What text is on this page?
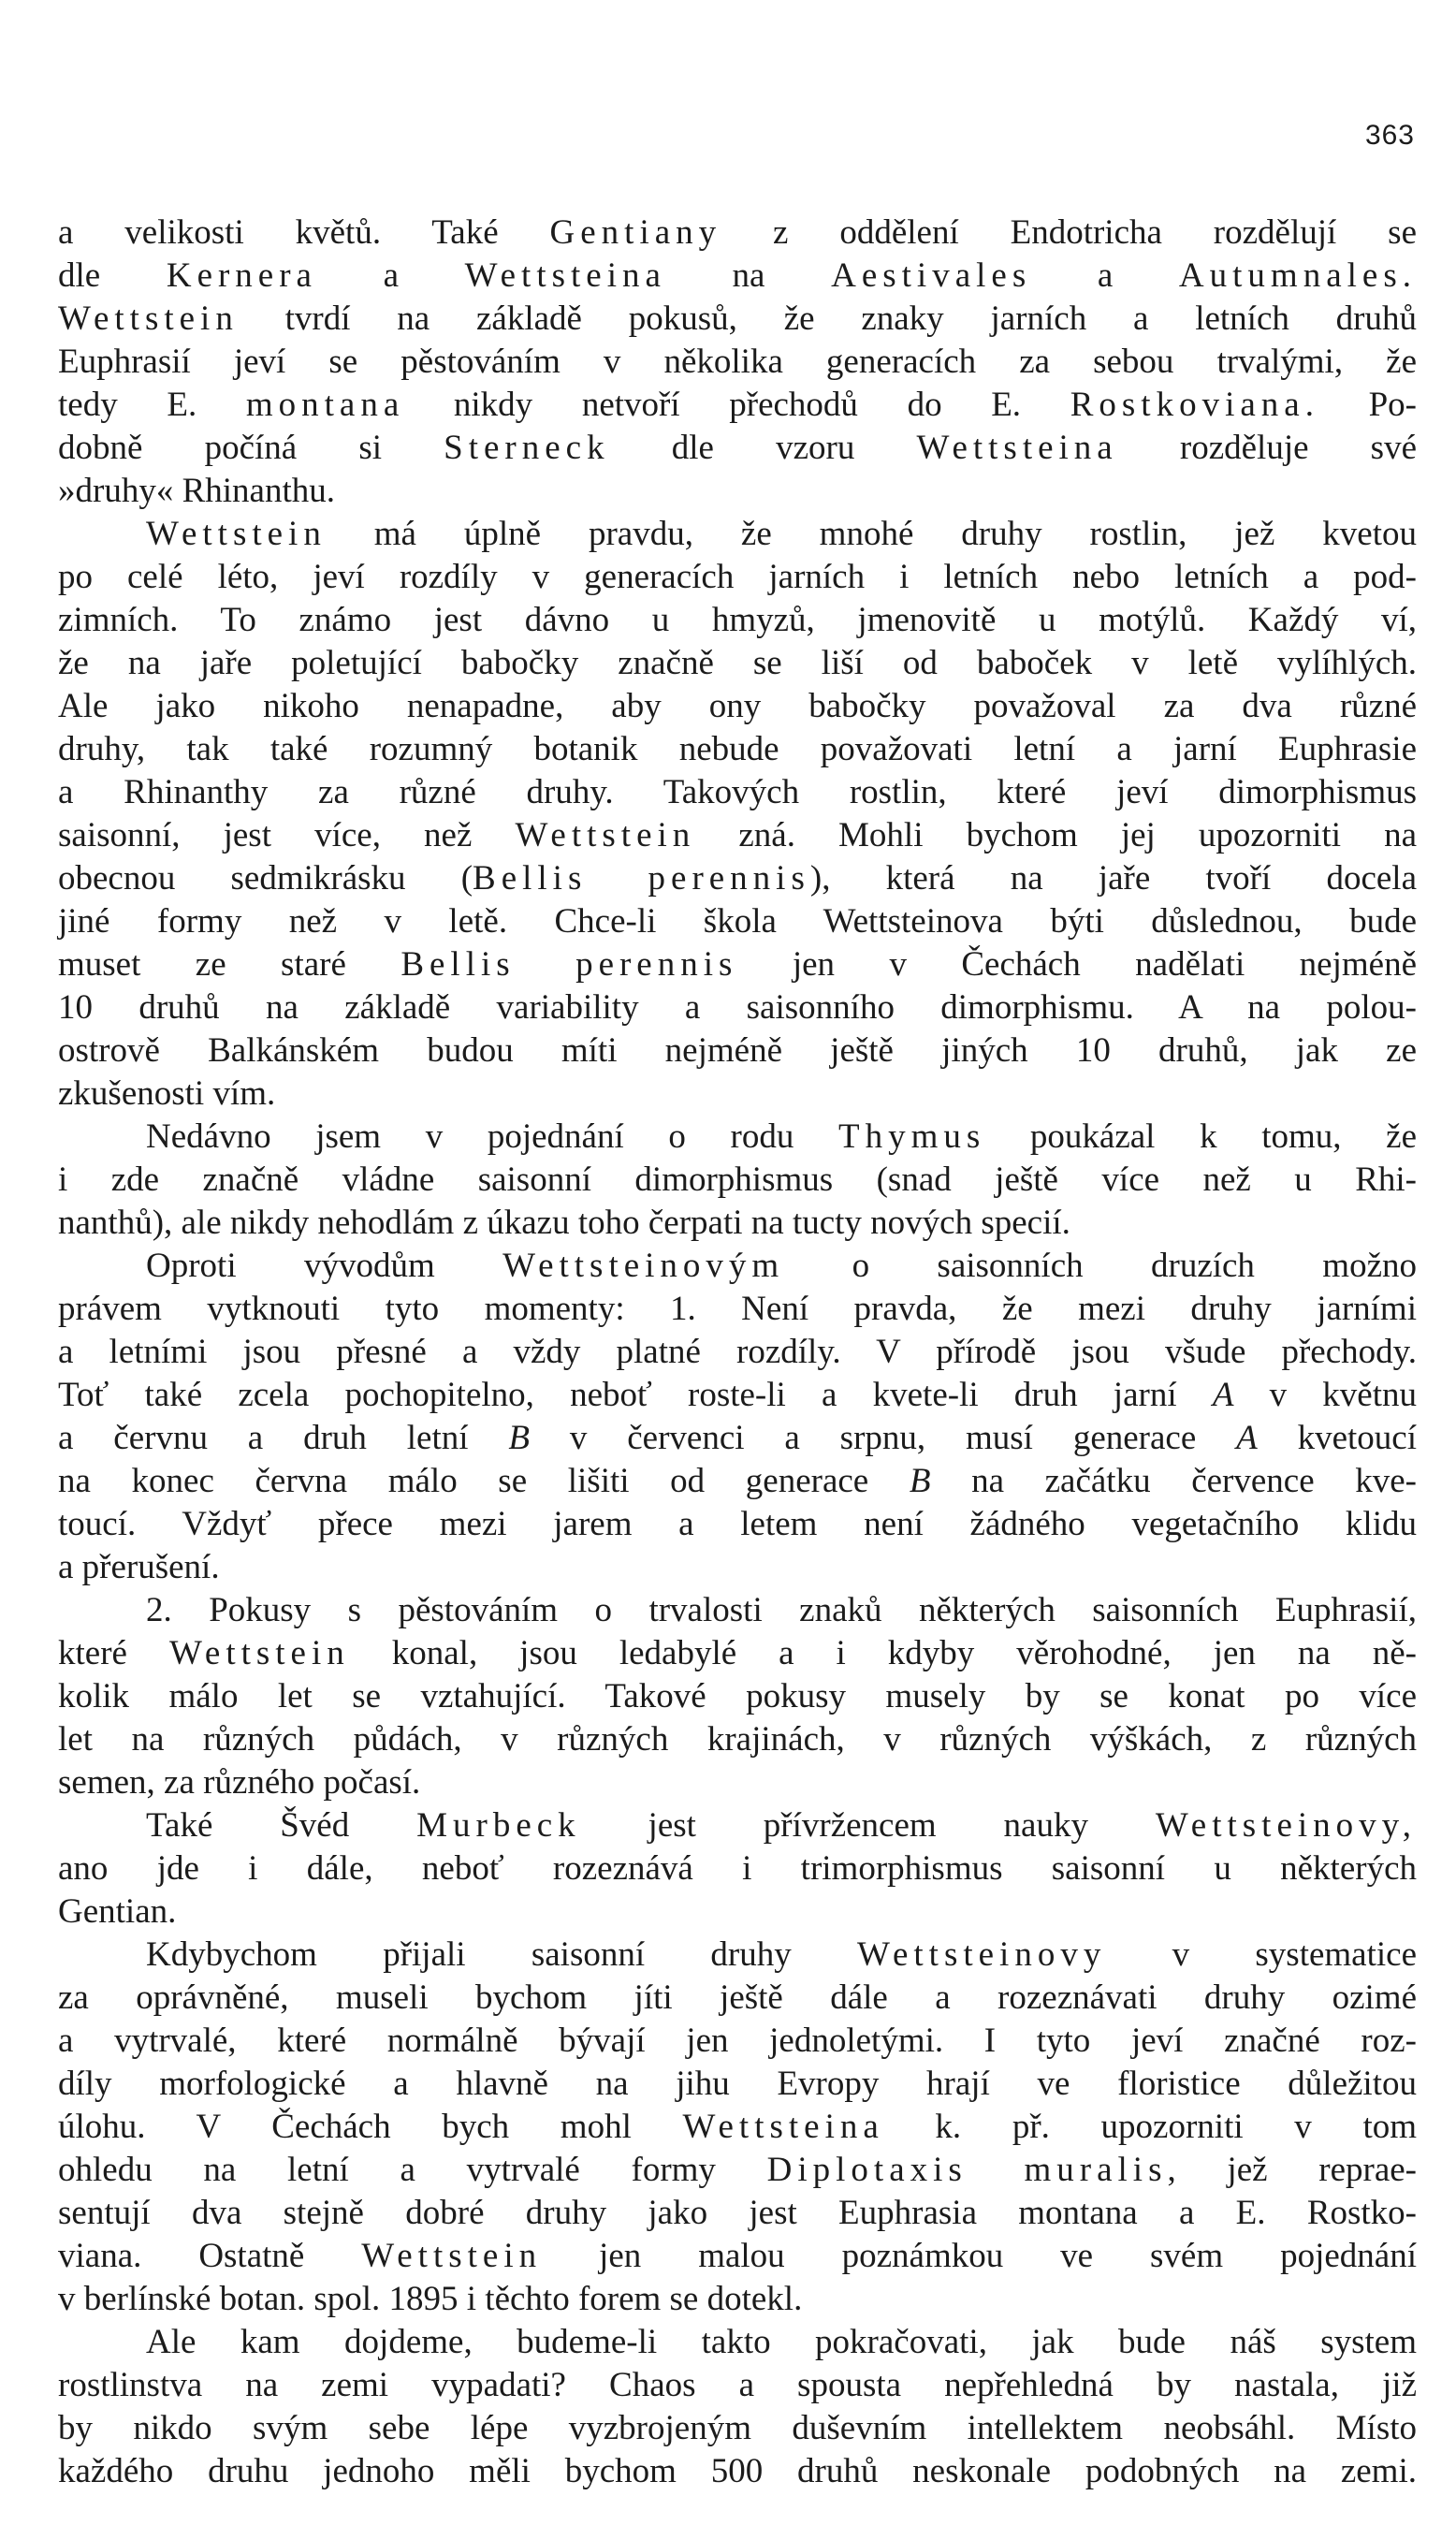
363
a velikosti květů. Také Gentiany z oddělení Endotricha rozdělují se
dle Kernera a Wettsteina na Aestivales a Autumnales.
Wettstein tvrdí na základě pokusů, že znaky jarních a letních druhů
Euphrasií jeví se pěstováním v několika generacích za sebou trvalými, že
tedy E. montana nikdy netvoří přechodů do E. Rostkoviana. Po-
dobně počíná si Sterneck dle vzoru Wettsteina rozděluje své
»druhy« Rhinanthu.
Wettstein má úplně pravdu, že mnohé druhy rostlin, jež kvetou
po celé léto, jeví rozdíly v generacích jarních i letních nebo letních a pod-
zimních. To známo jest dávno u hmyzů, jmenovitě u motýlů. Každý ví,
že na jaře poletující babočky značně se liší od baboček v letě vylíhlých.
Ale jako nikoho nenapadne, aby ony babočky považoval za dva různé
druhy, tak také rozumný botanik nebude považovati letní a jarní Euphrasie
a Rhinanthy za různé druhy. Takových rostlin, které jeví dimorphismus
saisonní, jest více, než Wettstein zná. Mohli bychom jej upozorniti na
obecnou sedmikrásku (Bellis perennis), která na jaře tvoří docela
jiné formy než v letě. Chce-li škola Wettsteinova býti důslednou, bude
muset ze staré Bellis perennis jen v Čechách nadělati nejméně
10 druhů na základě variability a saisonního dimorphismu. A na polou-
ostrově Balkánském budou míti nejméně ještě jiných 10 druhů, jak ze
zkušenosti vím.
Nedávno jsem v pojednání o rodu Thymus poukázal k tomu, že
i zde značně vládne saisonní dimorphismus (snad ještě více než u Rhi-
nanthů), ale nikdy nehodlám z úkazu toho čerpati na tucty nových specií.
Oproti vývodům Wettsteinovým o saisonních druzích možno
právem vytknouti tyto momenty: 1. Není pravda, že mezi druhy jarními
a letními jsou přesné a vždy platné rozdíly. V přírodě jsou všude přechody.
Toť také zcela pochopitelno, neboť roste-li a kvete-li druh jarní A v květnu
a červnu a druh letní B v červenci a srpnu, musí generace A kvetoucí
na konec června málo se lišiti od generace B na začátku července kve-
toucí. Vždyť přece mezi jarem a letem není žádného vegetačního klidu
a přerušení.
2. Pokusy s pěstováním o trvalosti znaků některých saisonních Euphrasií,
které Wettstein konal, jsou ledabylé a i kdyby věrohodné, jen na ně-
kolik málo let se vztahující. Takové pokusy musely by se konat po více
let na různých půdách, v různých krajinách, v různých výškách, z různých
semen, za různého počasí.
Také Švéd Murbeck jest přívržencem nauky Wettsteinovy,
ano jde i dále, neboť rozeznává i trimorphismus saisonní u některých
Gentian.
Kdybychom přijali saisonní druhy Wettsteinovy v systematice
za oprávněné, museli bychom jíti ještě dále a rozeznávati druhy ozimé
a vytrvalé, které normálně bývají jen jednoletými. I tyto jeví značné roz-
díly morfologické a hlavně na jihu Evropy hrají ve floristice důležitou
úlohu. V Čechách bych mohl Wettsteina k. př. upozorniti v tom
ohledu na letní a vytrvalé formy Diplotaxis muralis, jež reprae-
sentují dva stejně dobré druhy jako jest Euphrasia montana a E. Rostko-
viana. Ostatně Wettstein jen malou poznámkou ve svém pojednání
v berlínské botan. spol. 1895 i těchto forem se dotekl.
Ale kam dojdeme, budeme-li takto pokračovati, jak bude náš system
rostlinstva na zemi vypadati? Chaos a spousta nepřehledná by nastala, již
by nikdo svým sebe lépe vyzbrojeným duševním intellektem neobsáhl. Místo
každého druhu jednoho měli bychom 500 druhů neskonale podobných na zemi.
